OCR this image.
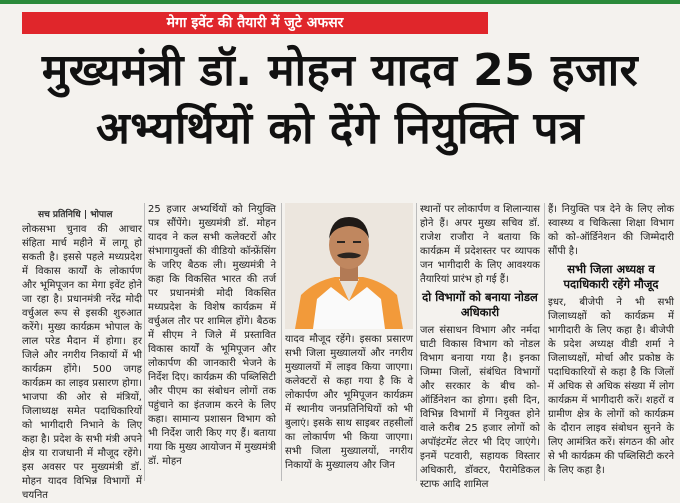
मेगा इवेंट की तैयारी में जुटे अफसर
मुख्यमंत्री डॉ. मोहन यादव 25 हजार
अभ्यर्थियों को देंगे नियुक्ति पत्र
सच प्रतिनिधि | भोपाल

लोकसभा चुनाव की आचार संहिता मार्च महीने में लागू हो सकती है। इससे पहले मध्यप्रदेश में विकास कार्यों के लोकार्पण और भूमिपूजन का मेगा इवेंट होने जा रहा है। प्रधानमंत्री नरेंद्र मोदी वर्चुअल रूप से इसकी शुरुआत करेंगे। मुख्य कार्यक्रम भोपाल के लाल परेड मैदान में होगा। हर जिले और नगरीय निकायों में भी कार्यक्रम होंगे। 500 जगह कार्यक्रम का लाइव प्रसारण होगा। भाजपा की ओर से मंत्रियों, जिलाध्यक्ष समेत पदाधिकारियों को भागीदारी निभाने के लिए कहा है। प्रदेश के सभी मंत्री अपने क्षेत्र या राजधानी में मौजूद रहेंगे। इस अवसर पर मुख्यमंत्री डॉ. मोहन यादव विभिन्न विभागों में चयनित

25 हजार अभ्यर्थियों को नियुक्ति पत्र सौंपेंगे। मुख्यमंत्री डॉ. मोहन यादव ने कल सभी कलेक्टरों और संभागायुक्तों की वीडियो कॉन्फ्रेंसिंग के जरिए बैठक ली। मुख्यमंत्री ने कहा कि विकसित भारत की तर्ज पर प्रधानमंत्री मोदी विकसित मध्यप्रदेश के विशेष कार्यक्रम में वर्चुअल तौर पर शामिल होंगे। बैठक में सीएम ने जिले में प्रस्तावित विकास कार्यों के भूमिपूजन और लोकार्पण की जानकारी भेजने के निर्देश दिए। कार्यक्रम की पब्लिसिटी और पीएम का संबोधन लोगों तक पहुंचाने का इंतजाम करने के लिए कहा। सामान्य प्रशासन विभाग को भी निर्देश जारी किए गए हैं। बताया गया कि मुख्य आयोजन में मुख्यमंत्री डॉ. मोहन

यादव मौजूद रहेंगे। इसका प्रसारण सभी जिला मुख्यालयों और नगरीय मुख्यालयों में लाइव किया जाएगा। कलेक्टरों से कहा गया है कि वे लोकार्पण और भूमिपूजन कार्यक्रम में स्थानीय जनप्रतिनिधियों को भी बुलाएं। इसके साथ साइबर तहसीलों का लोकार्पण भी किया जाएगा। सभी जिला मुख्यालयों, नगरीय निकायों के मुख्यालय और जिन

स्थानों पर लोकार्पण व शिलान्यास होने हैं। अपर मुख्य सचिव डॉ. राजेश राजौरा ने बताया कि कार्यक्रम में प्रदेशस्तर पर व्यापक जन भागीदारी के लिए आवश्यक तैयारियां प्रारंभ हो गई हैं।

दो विभागों को बनाया नोडल अधिकारी

जल संसाधन विभाग और नर्मदा घाटी विकास विभाग को नोडल विभाग बनाया गया है। इनका जिम्मा जिलों, संबंधित विभागों और सरकार के बीच को-ऑर्डिनेशन का होगा। इसी दिन, विभिन्न विभागों में नियुक्त होने वाले करीब 25 हजार लोगों को अपॉइंटमेंट लेटर भी दिए जाएंगे। इनमें पटवारी, सहायक विस्तार अधिकारी, डॉक्टर, पैरामेडिकल स्टाफ आदि शामिल

हैं। नियुक्ति पत्र देने के लिए लोक स्वास्थ्य व चिकित्सा शिक्षा विभाग को को-ऑर्डिनेशन की जिम्मेदारी सौंपी है।

सभी जिला अध्यक्ष व पदाधिकारी रहेंगे मौजूद

इधर, बीजेपी ने भी सभी जिलाध्यक्षों को कार्यक्रम में भागीदारी के लिए कहा है। बीजेपी के प्रदेश अध्यक्ष वीडी शर्मा ने जिलाध्यक्षों, मोर्चा और प्रकोष्ठ के पदाधिकारियों से कहा है कि जिलों में अधिक से अधिक संख्या में लोग कार्यक्रम में भागीदारी करें। शहरों व ग्रामीण क्षेत्र के लोगों को कार्यक्रम के दौरान लाइव संबोधन सुनने के लिए आमंत्रित करें। संगठन की ओर से भी कार्यक्रम की पब्लिसिटी करने के लिए कहा है।
